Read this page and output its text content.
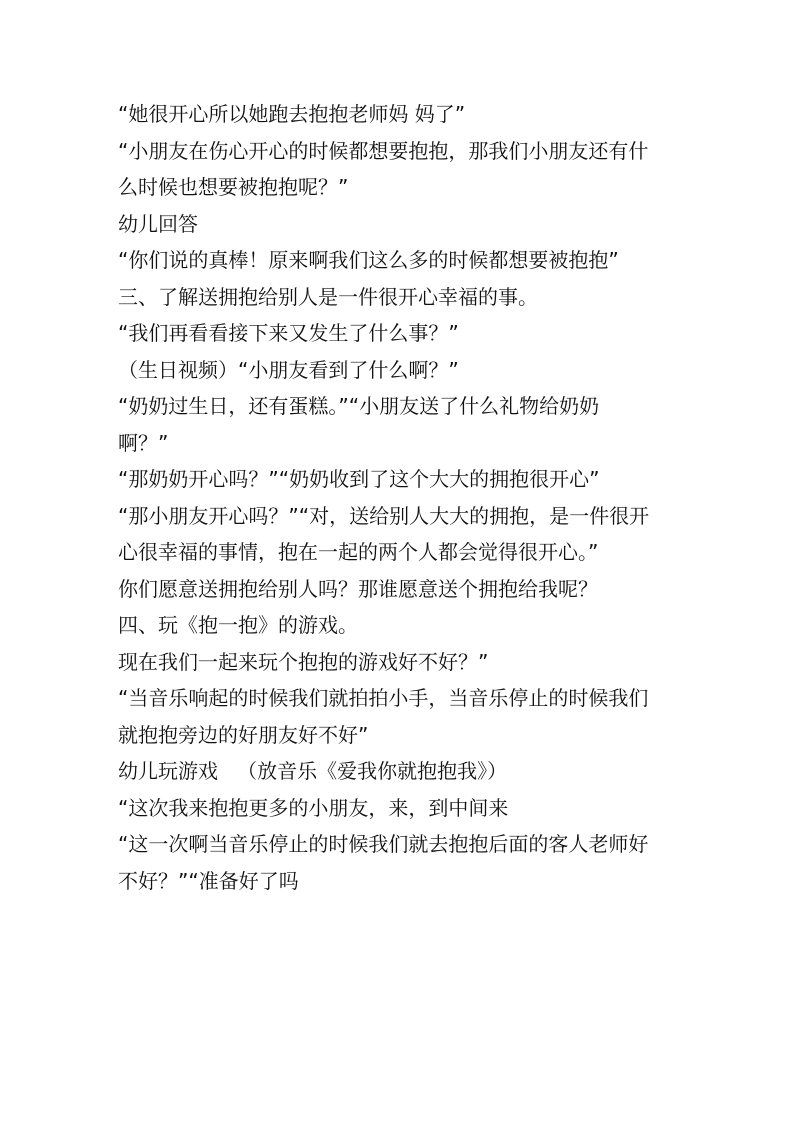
“她很开心所以她跑去抱抱老师妈 妈了”
“小朋友在伤心开心的时候都想要抱抱，那我们小朋友还有什
么时候也想要被抱抱呢？”
幼儿回答
“你们说的真棒！原来啊我们这么多的时候都想要被抱抱”
三、了解送拥抱给别人是一件很开心幸福的事。
“我们再看看接下来又发生了什么事？”
（生日视频）“小朋友看到了什么啊？”
“奶奶过生日，还有蛋糕。”“小朋友送了什么礼物给奶奶
啊？”
“那奶奶开心吗？”“奶奶收到了这个大大的拥抱很开心”
“那小朋友开心吗？”“对，送给别人大大的拥抱，是一件很开
心很幸福的事情，抱在一起的两个人都会觉得很开心。”
你们愿意送拥抱给别人吗？那谁愿意送个拥抱给我呢？
四、玩《抱一抱》的游戏。
现在我们一起来玩个抱抱的游戏好不好？”
“当音乐响起的时候我们就拍拍小手，当音乐停止的时候我们
就抱抱旁边的好朋友好不好”
幼儿玩游戏   （放音乐《爱我你就抱抱我》）
“这次我来抱抱更多的小朋友，来，到中间来
“这一次啊当音乐停止的时候我们就去抱抱后面的客人老师好
不好？”“准备好了吗
